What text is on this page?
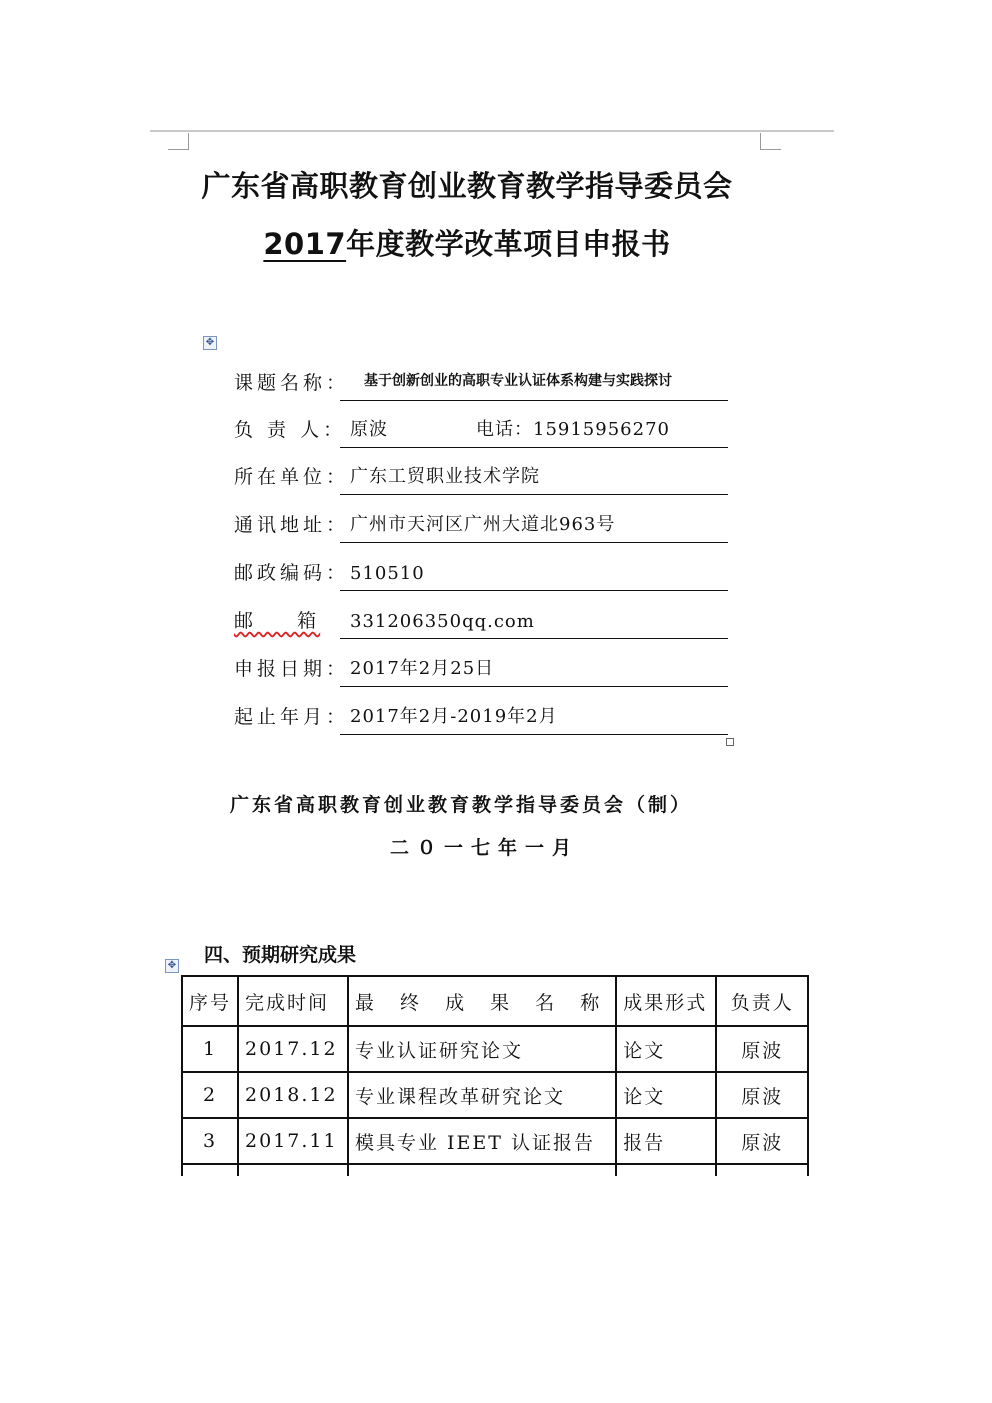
广东省高职教育创业教育教学指导委员会
2017年度教学改革项目申报书
✥
课题名称： 基于创新创业的高职专业认证体系构建与实践探讨
负 责 人： 原波	电话：15915956270
所在单位： 广东工贸职业技术学院
通讯地址： 广州市天河区广州大道北963号
邮政编码： 510510
邮    箱 331206350qq.com
申报日期： 2017年2月25日
起止年月： 2017年2月-2019年2月
广东省高职教育创业教育教学指导委员会（制）
二０一七年一月
四、预期研究成果
✥
序号	完成时间	最 终 成 果 名 称	成果形式	负责人
1	2017.12	专业认证研究论文	论文	原波
2	2018.12	专业课程改革研究论文	论文	原波
3	2017.11	模具专业 IEET 认证报告	报告	原波
